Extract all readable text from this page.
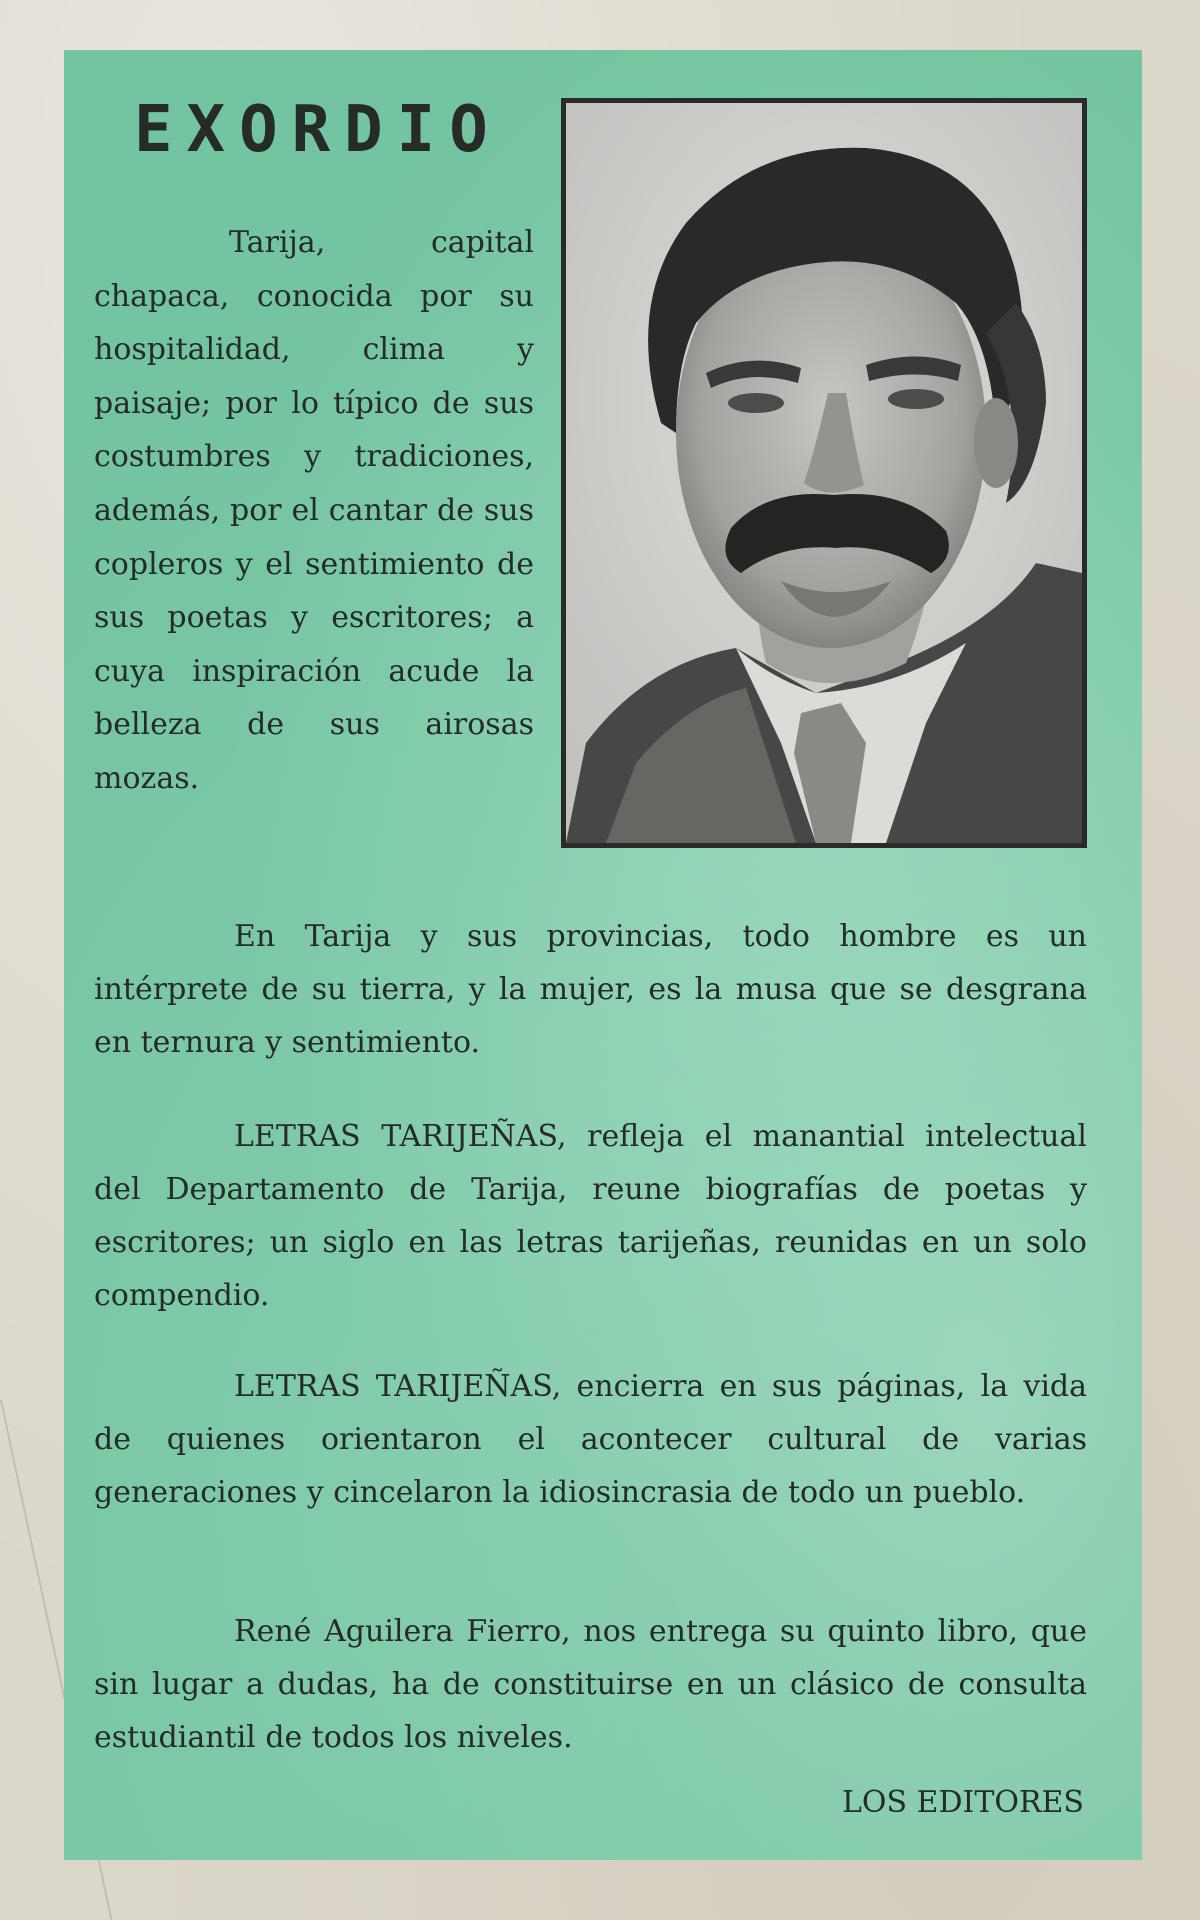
EXORDIO

Tarija, capital chapaca, conocida por su hospitalidad, clima y paisaje; por lo típico de sus costumbres y tradiciones, además, por el cantar de sus copleros y el sentimiento de sus poetas y escritores; a cuya inspiración acude la belleza de sus airosas mozas.

En Tarija y sus provincias, todo hombre es un intérprete de su tierra, y la mujer, es la musa que se desgrana en ternura y sentimiento.

LETRAS TARIJEÑAS, refleja el manantial intelectual del Departamento de Tarija, reune biografías de poetas y escritores; un siglo en las letras tarijeñas, reunidas en un solo compendio.

LETRAS TARIJEÑAS, encierra en sus páginas, la vida de quienes orientaron el acontecer cultural de varias generaciones y cincelaron la idiosincrasia de todo un pueblo.

René Aguilera Fierro, nos entrega su quinto libro, que sin lugar a dudas, ha de constituirse en un clásico de consulta estudiantil de todos los niveles.

LOS EDITORES
